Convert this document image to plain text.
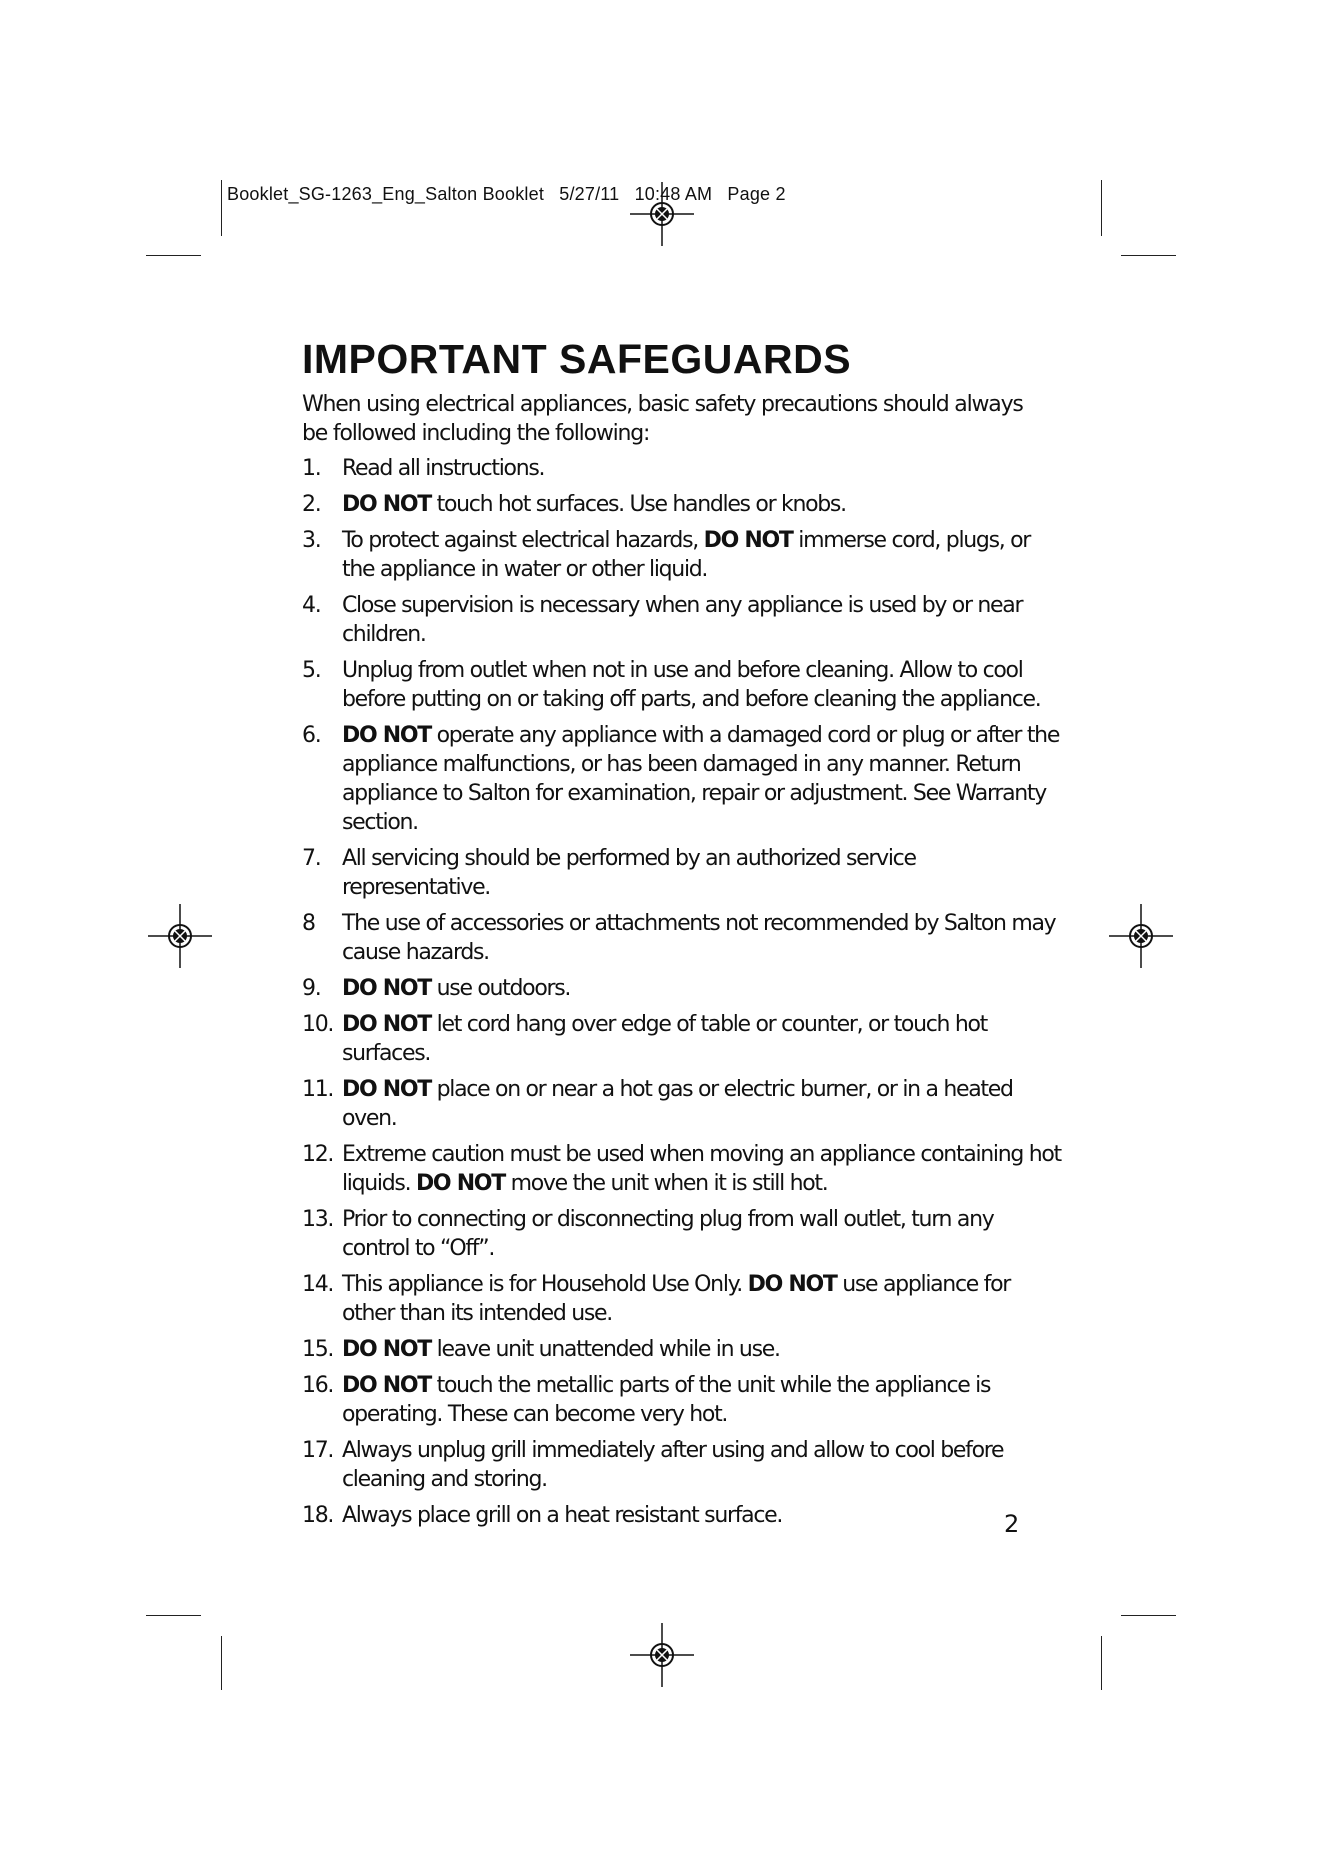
Booklet_SG-1263_Eng_Salton Booklet 5/27/11 10:48 AM Page 2
IMPORTANT SAFEGUARDS

When using electrical appliances, basic safety precautions should always be followed including the following:

1. Read all instructions.
2. DO NOT touch hot surfaces. Use handles or knobs.
3. To protect against electrical hazards, DO NOT immerse cord, plugs, or the appliance in water or other liquid.
4. Close supervision is necessary when any appliance is used by or near children.
5. Unplug from outlet when not in use and before cleaning. Allow to cool before putting on or taking off parts, and before cleaning the appliance.
6. DO NOT operate any appliance with a damaged cord or plug or after the appliance malfunctions, or has been damaged in any manner. Return appliance to Salton for examination, repair or adjustment. See Warranty section.
7. All servicing should be performed by an authorized service representative.
8	The use of accessories or attachments not recommended by Salton may cause hazards.
9. DO NOT use outdoors.
10. DO NOT let cord hang over edge of table or counter, or touch hot surfaces.
11. DO NOT place on or near a hot gas or electric burner, or in a heated oven.
12. Extreme caution must be used when moving an appliance containing hot liquids. DO NOT move the unit when it is still hot.
13. Prior to connecting or disconnecting plug from wall outlet, turn any control to “Off”.
14. This appliance is for Household Use Only. DO NOT use appliance for other than its intended use.
15. DO NOT leave unit unattended while in use.
16. DO NOT touch the metallic parts of the unit while the appliance is operating. These can become very hot.
17. Always unplug grill immediately after using and allow to cool before cleaning and storing.
18. Always place grill on a heat resistant surface.	2
